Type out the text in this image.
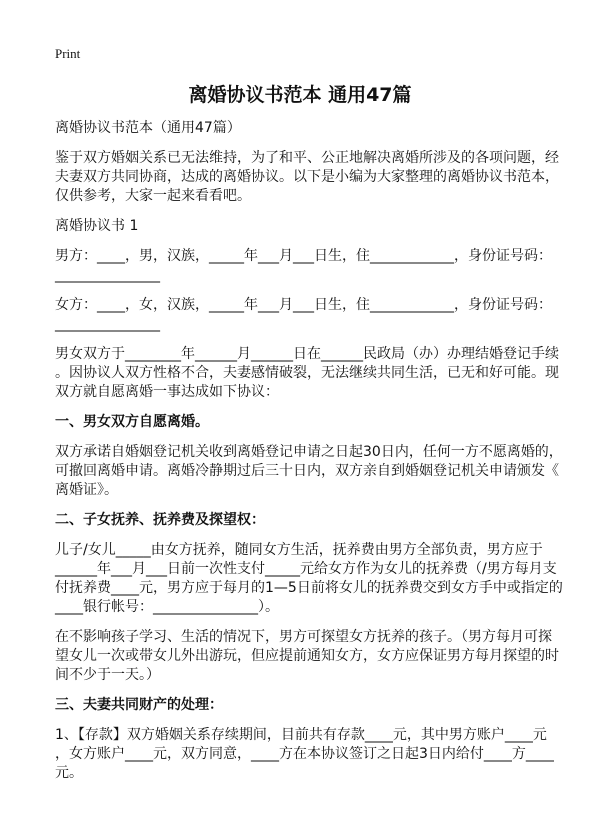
Print
离婚协议书范本 通用47篇
离婚协议书范本（通用47篇）
鉴于双方婚姻关系已无法维持，为了和平、公正地解决离婚所涉及的各项问题，经
夫妻双方共同协商，达成的离婚协议。以下是小编为大家整理的离婚协议书范本，
仅供参考，大家一起来看看吧。
离婚协议书 1
男方：____，男，汉族，_____年___月___日生，住____________，身份证号码：
_______________
女方：____，女，汉族，_____年___月___日生，住____________，身份证号码：
_______________
男女双方于________年______月______日在______民政局（办）办理结婚登记手续
。因协议人双方性格不合，夫妻感情破裂，无法继续共同生活，已无和好可能。现
双方就自愿离婚一事达成如下协议：
一、男女双方自愿离婚。
双方承诺自婚姻登记机关收到离婚登记申请之日起30日内，任何一方不愿离婚的，
可撤回离婚申请。离婚冷静期过后三十日内，双方亲自到婚姻登记机关申请颁发《
离婚证》。
二、子女抚养、抚养费及探望权：
儿子/女儿_____由女方抚养，随同女方生活，抚养费由男方全部负责，男方应于
______年___月___日前一次性支付_____元给女方作为女儿的抚养费（/男方每月支
付抚养费____元，男方应于每月的1—5日前将女儿的抚养费交到女方手中或指定的
____银行帐号：_______________）。
在不影响孩子学习、生活的情况下，男方可探望女方抚养的孩子。（男方每月可探
望女儿一次或带女儿外出游玩，但应提前通知女方，女方应保证男方每月探望的时
间不少于一天。）
三、夫妻共同财产的处理：
1、【存款】双方婚姻关系存续期间，目前共有存款____元，其中男方账户____元
，女方账户____元，双方同意，____方在本协议签订之日起3日内给付____方____
元。
